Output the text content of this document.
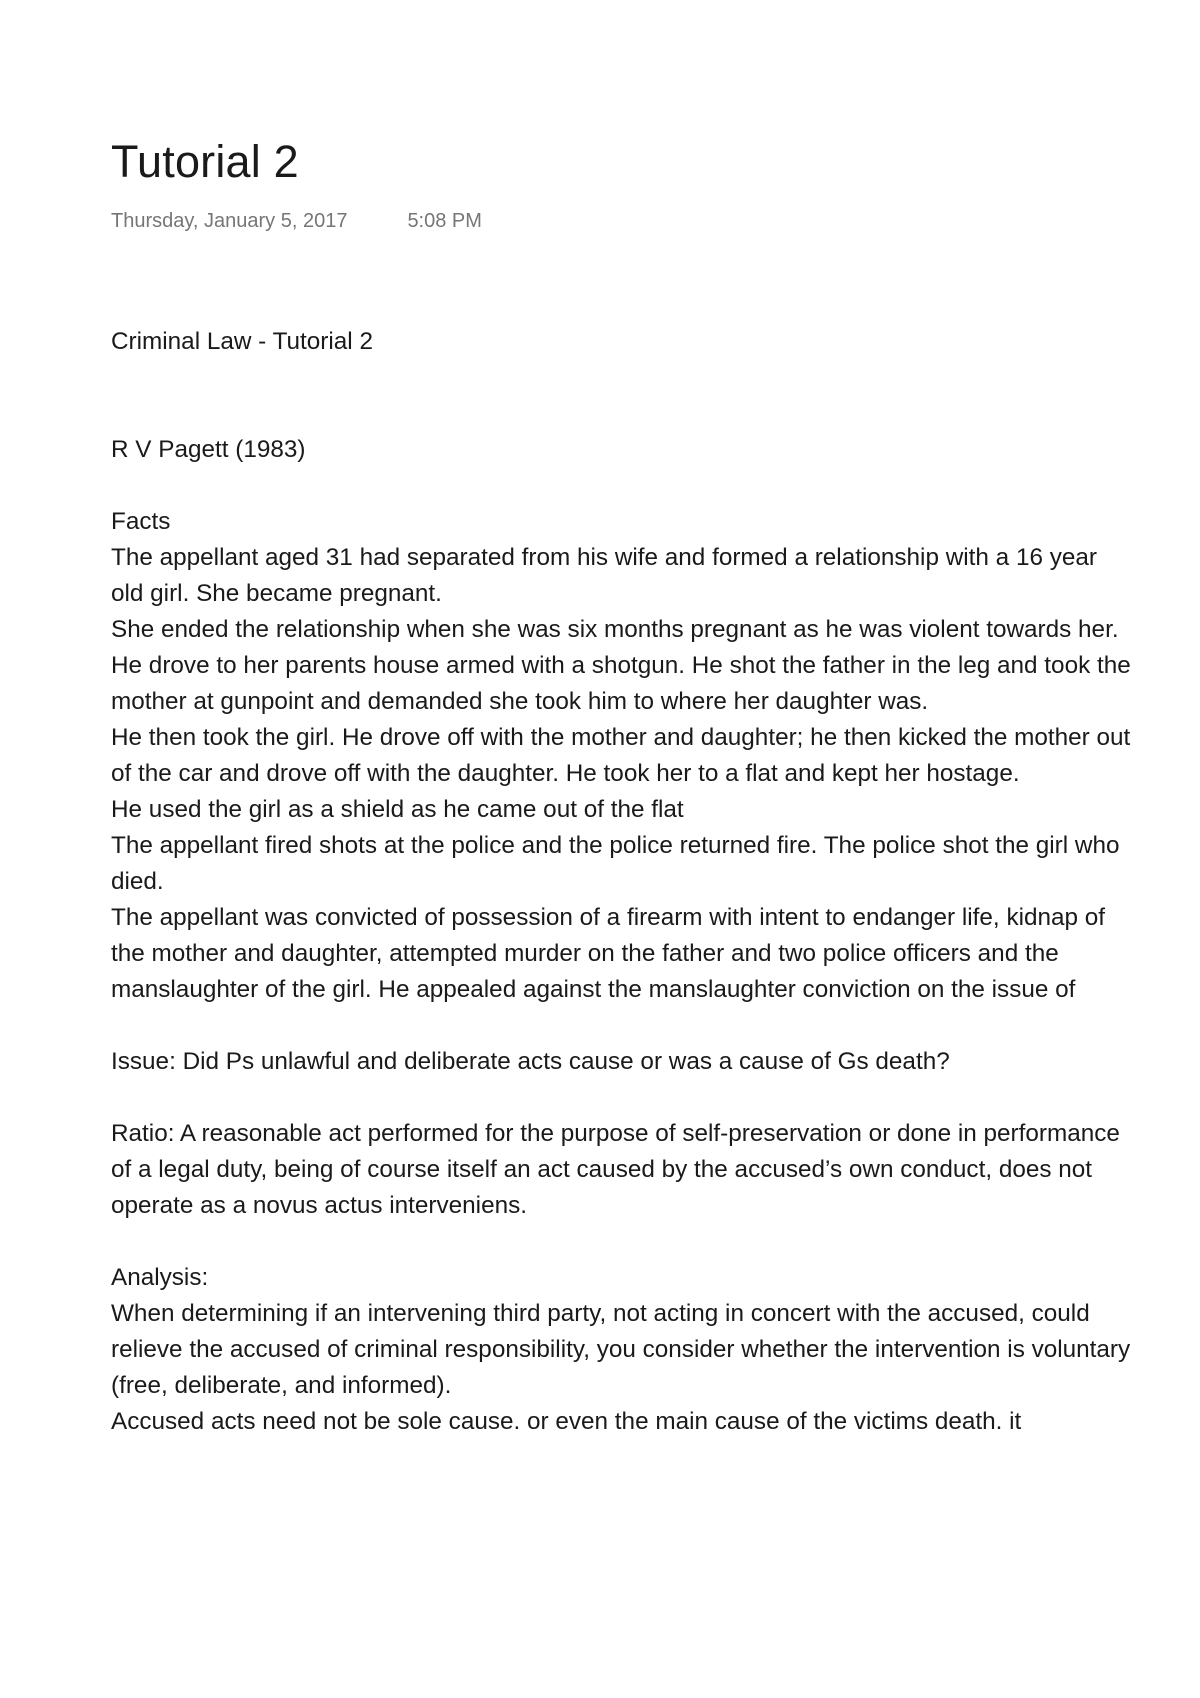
Tutorial 2
Thursday, January 5, 2017	5:08 PM

Criminal Law - Tutorial 2

R V Pagett (1983)

Facts

The appellant aged 31 had separated from his wife and formed a relationship with a 16 year old girl. She became pregnant.

She ended the relationship when she was six months pregnant as he was violent towards her.

He drove to her parents house armed with a shotgun. He shot the father in the leg and took the mother at gunpoint and demanded she took him to where her daughter was.

He then took the girl. He drove off with the mother and daughter; he then kicked the mother out of the car and drove off with the daughter. He took her to a flat and kept her hostage.

He used the girl as a shield as he came out of the flat

The appellant fired shots at the police and the police returned fire. The police shot the girl who died.

The appellant was convicted of possession of a firearm with intent to endanger life, kidnap of the mother and daughter, attempted murder on the father and two police officers and the manslaughter of the girl. He appealed against the manslaughter conviction on the issue of

Issue: Did Ps unlawful and deliberate acts cause or was a cause of Gs death?

Ratio: A reasonable act performed for the purpose of self-preservation or done in performance of a legal duty, being of course itself an act caused by the accused’s own conduct, does not operate as a novus actus interveniens.

Analysis:

When determining if an intervening third party, not acting in concert with the accused, could relieve the accused of criminal responsibility, you consider whether the intervention is voluntary (free, deliberate, and informed).

Accused acts need not be sole cause. or even the main cause of the victims death. it
